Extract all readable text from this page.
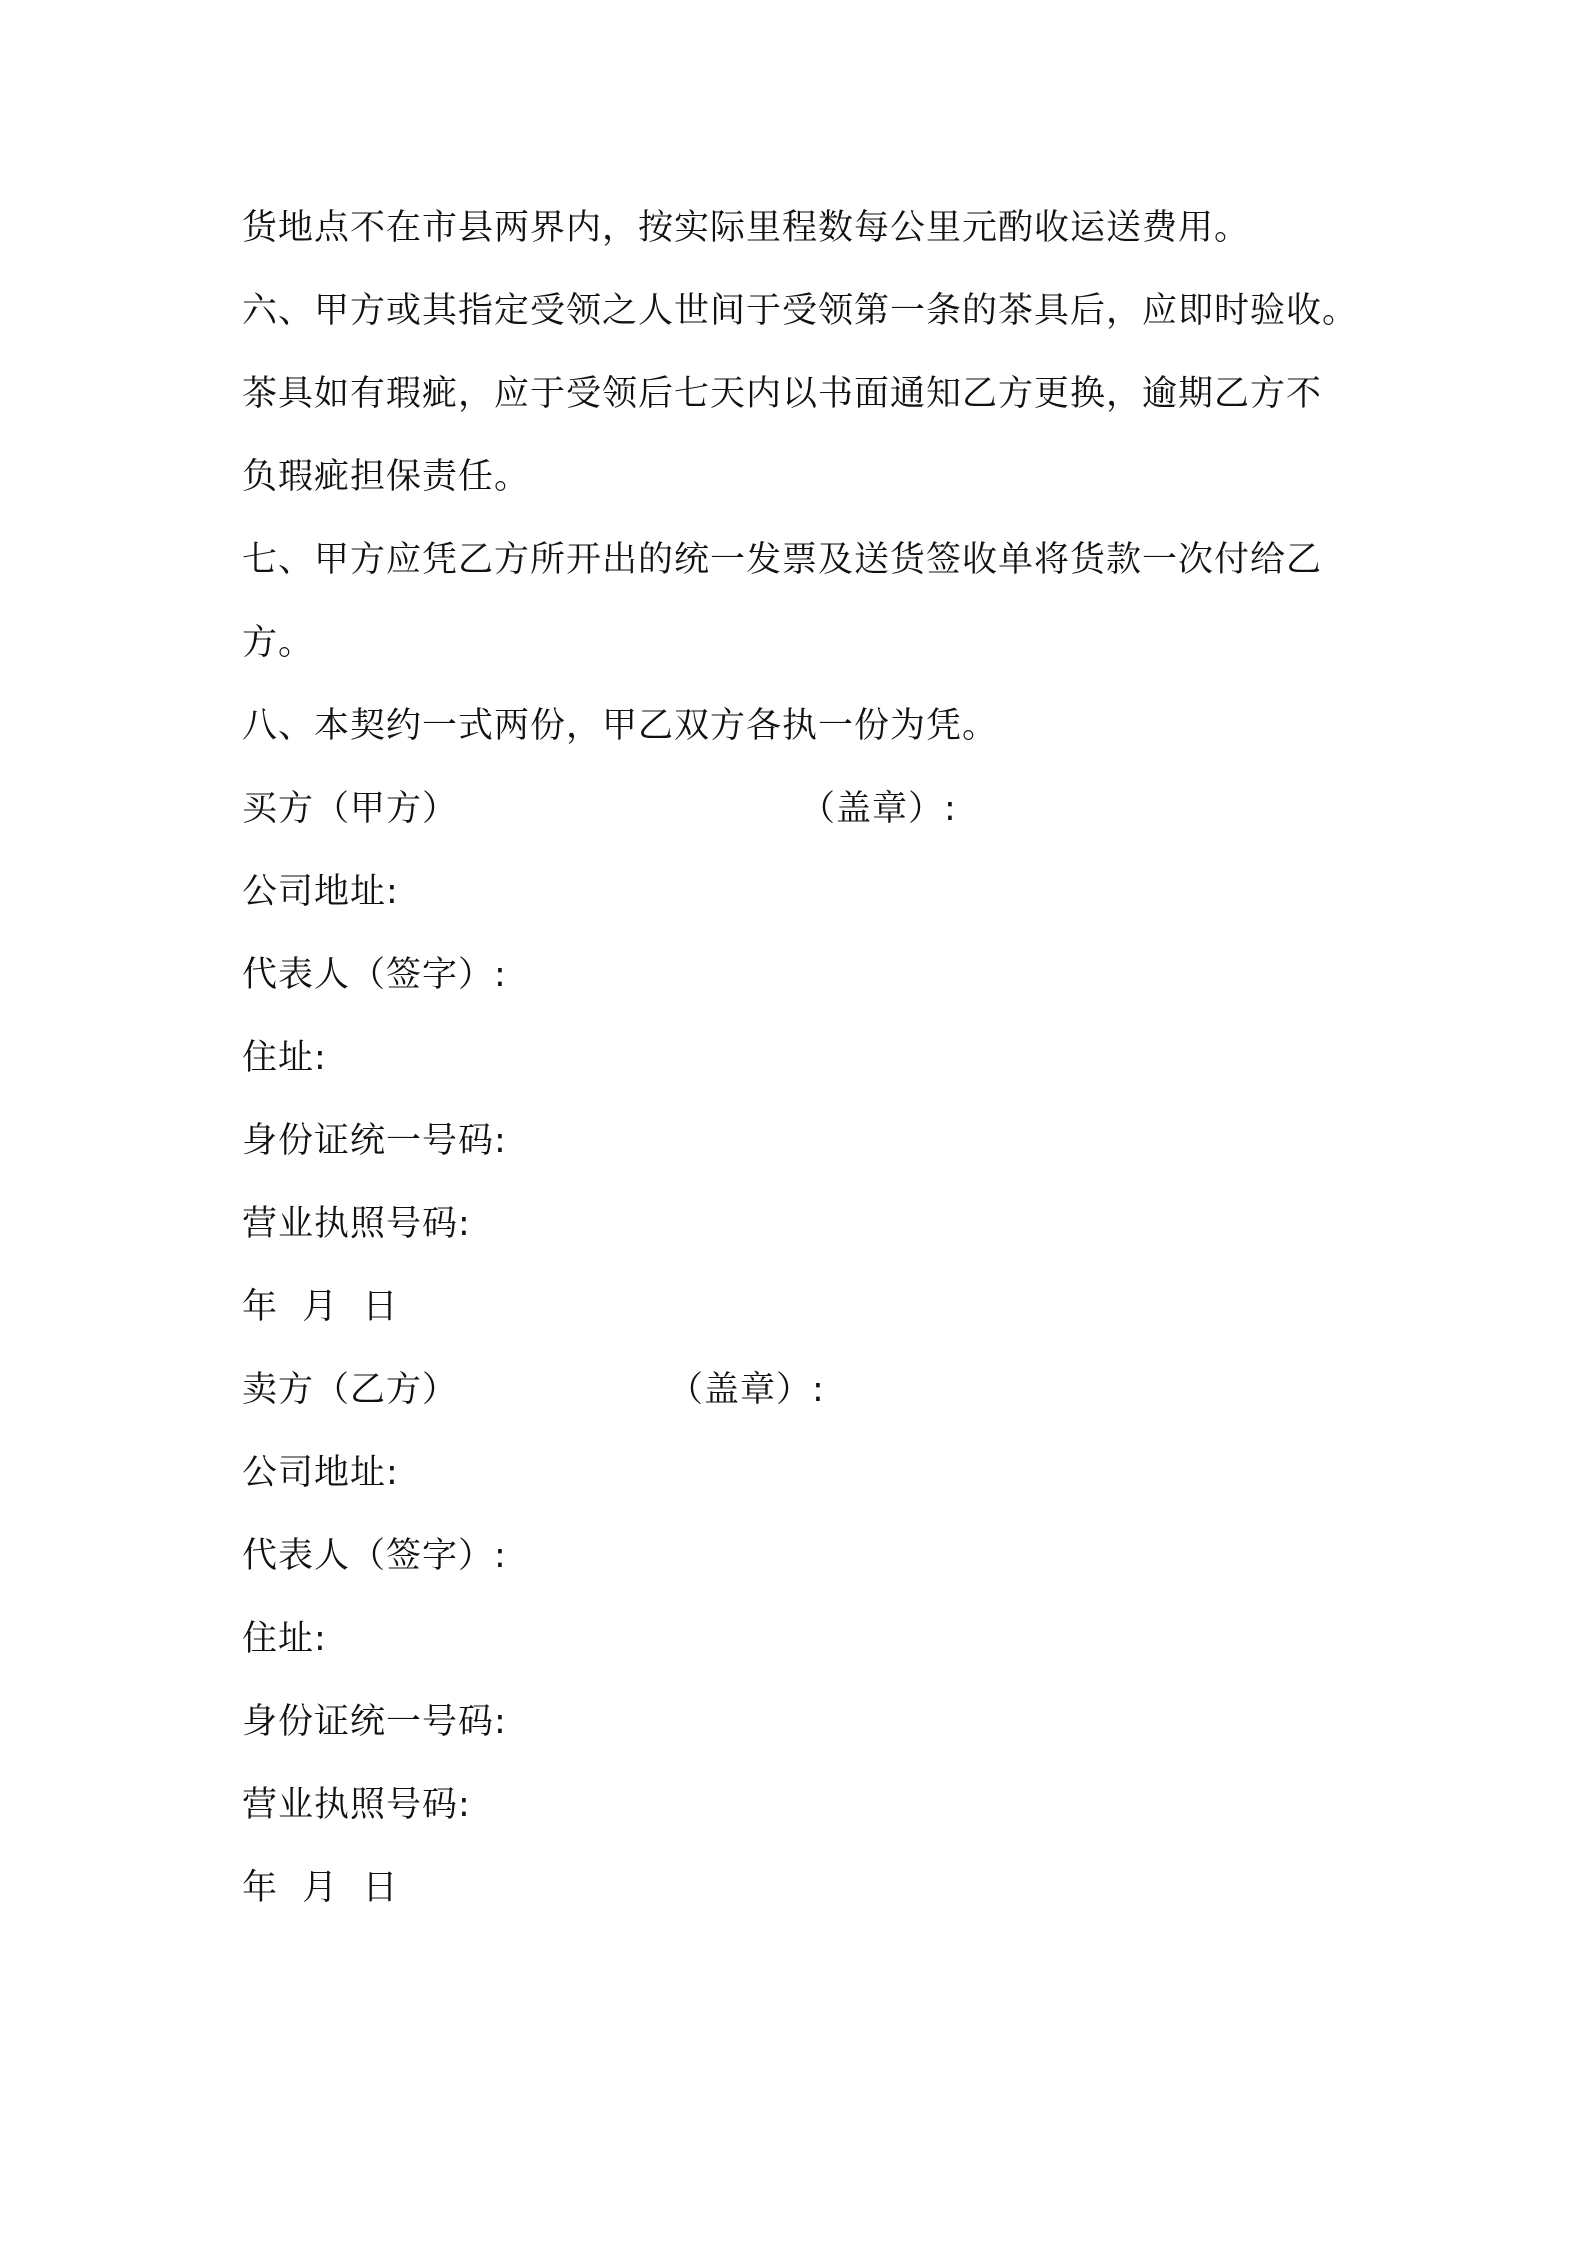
货地点不在市县两界内，按实际里程数每公里元酌收运送费用。
六、甲方或其指定受领之人世间于受领第一条的茶具后，应即时验收。
茶具如有瑕疵，应于受领后七天内以书面通知乙方更换，逾期乙方不
负瑕疵担保责任。
七、甲方应凭乙方所开出的统一发票及送货签收单将货款一次付给乙
方。
八、本契约一式两份，甲乙双方各执一份为凭。
买方（甲方）	（盖章）:
公司地址:
代表人（签字）:
住址:
身份证统一号码:
营业执照号码:
年  月  日
卖方（乙方）	（盖章）:
公司地址:
代表人（签字）:
住址:
身份证统一号码:
营业执照号码:
年  月  日
